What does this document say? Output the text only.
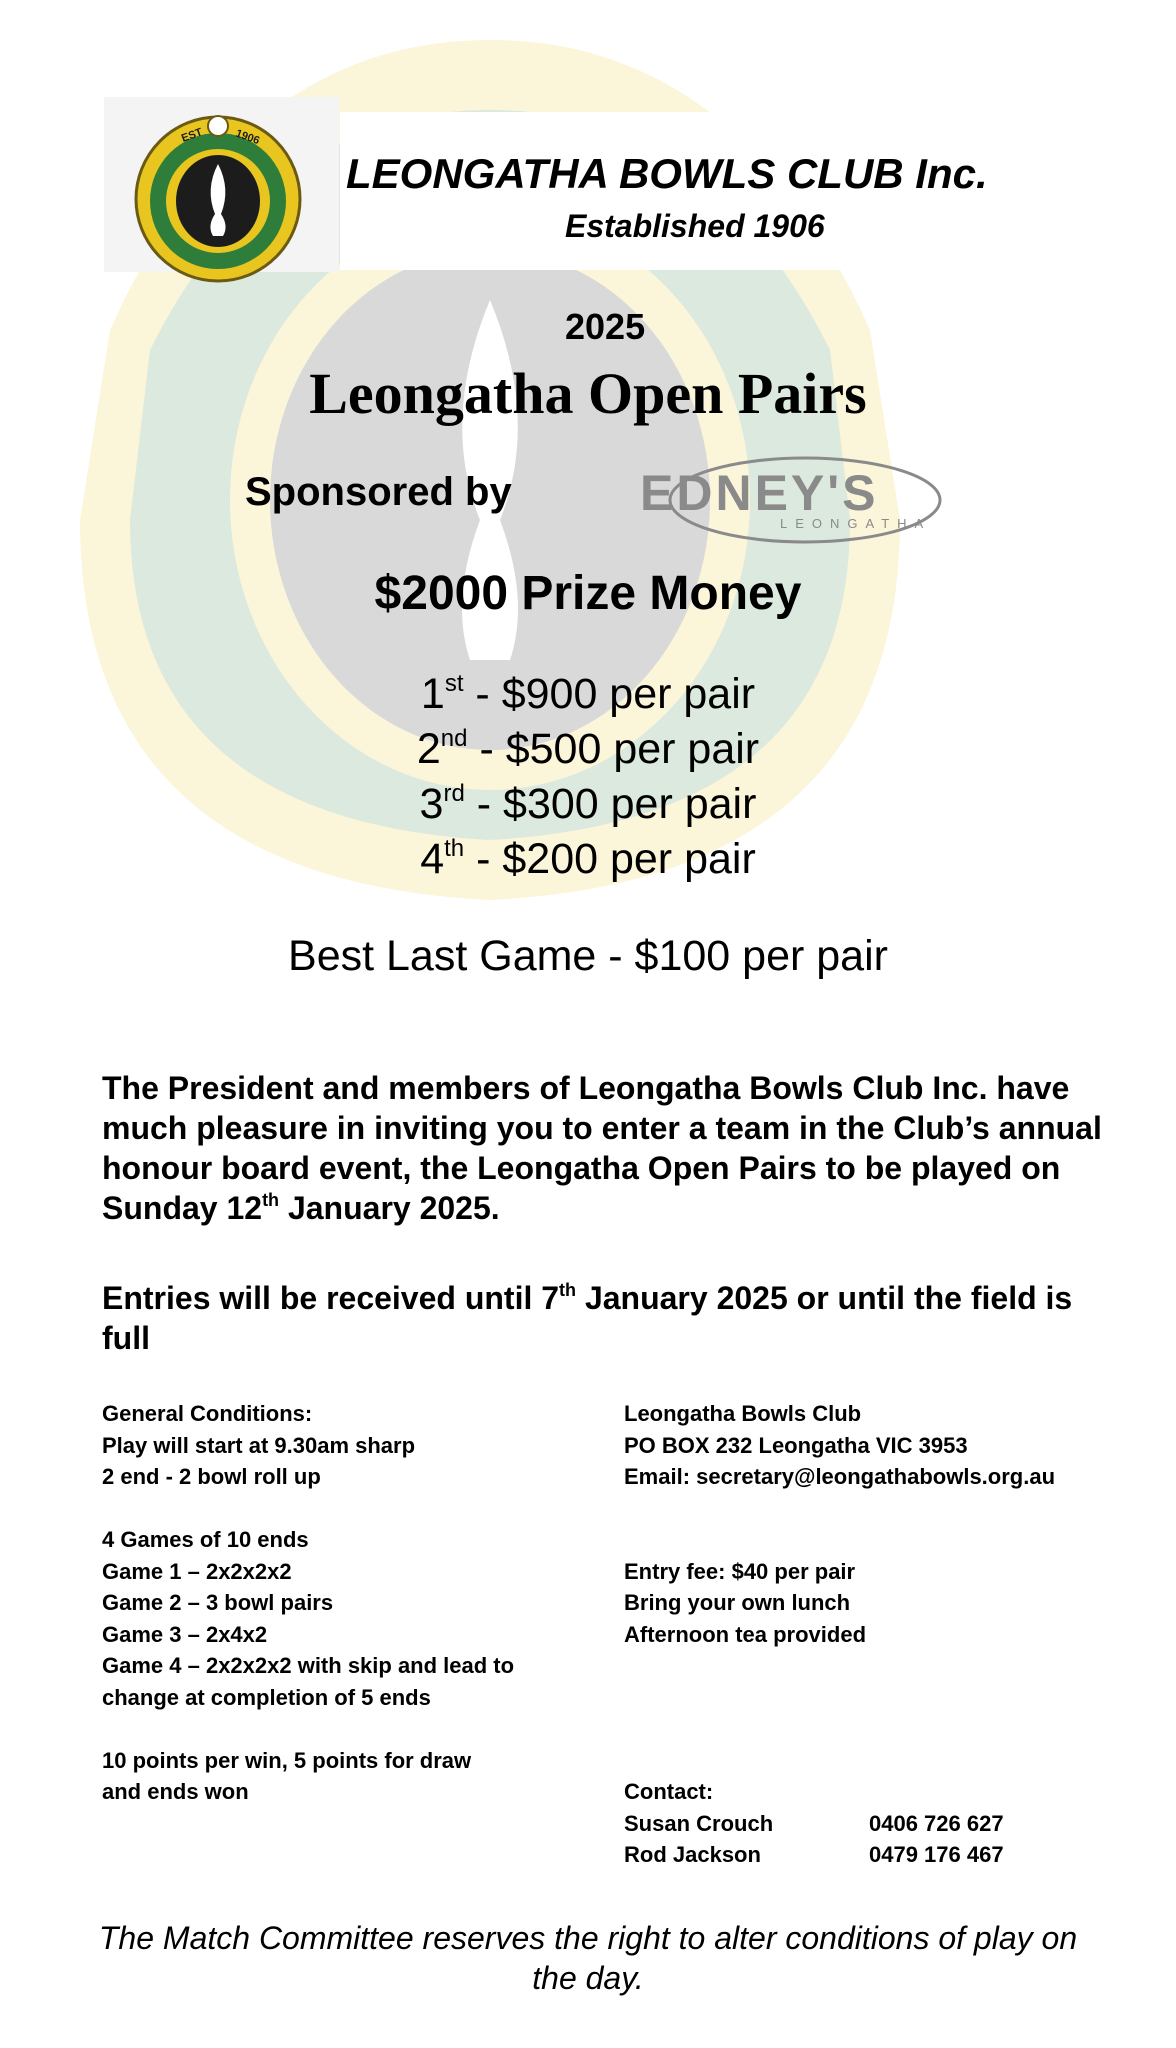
EST	1906
LEONGATHA BOWLS CLUB Inc.
Established 1906
2025
Leongatha Open Pairs
Sponsored by	EDNEY'S
LEONGATHA
$2000 Prize Money
1st - $900 per pair
2nd - $500 per pair
3rd - $300 per pair
4th - $200 per pair
Best Last Game - $100 per pair
The President and members of Leongatha Bowls Club Inc. have much pleasure in inviting you to enter a team in the Club’s annual honour board event, the Leongatha Open Pairs to be played on Sunday 12th January 2025.
Entries will be received until 7th January 2025 or until the field is full
General Conditions:
Play will start at 9.30am sharp
2 end - 2 bowl roll up
4 Games of 10 ends
Game 1 – 2x2x2x2
Game 2 – 3 bowl pairs
Game 3 – 2x4x2
Game 4 – 2x2x2x2 with skip and lead to
change at completion of 5 ends
10 points per win, 5 points for draw
and ends won
Leongatha Bowls Club
PO BOX 232 Leongatha VIC 3953
Email: secretary@leongathabowls.org.au
Entry fee: $40 per pair
Bring your own lunch
Afternoon tea provided
Contact:
Susan Crouch	0406 726 627
Rod Jackson	0479 176 467
The Match Committee reserves the right to alter conditions of play on the day.
